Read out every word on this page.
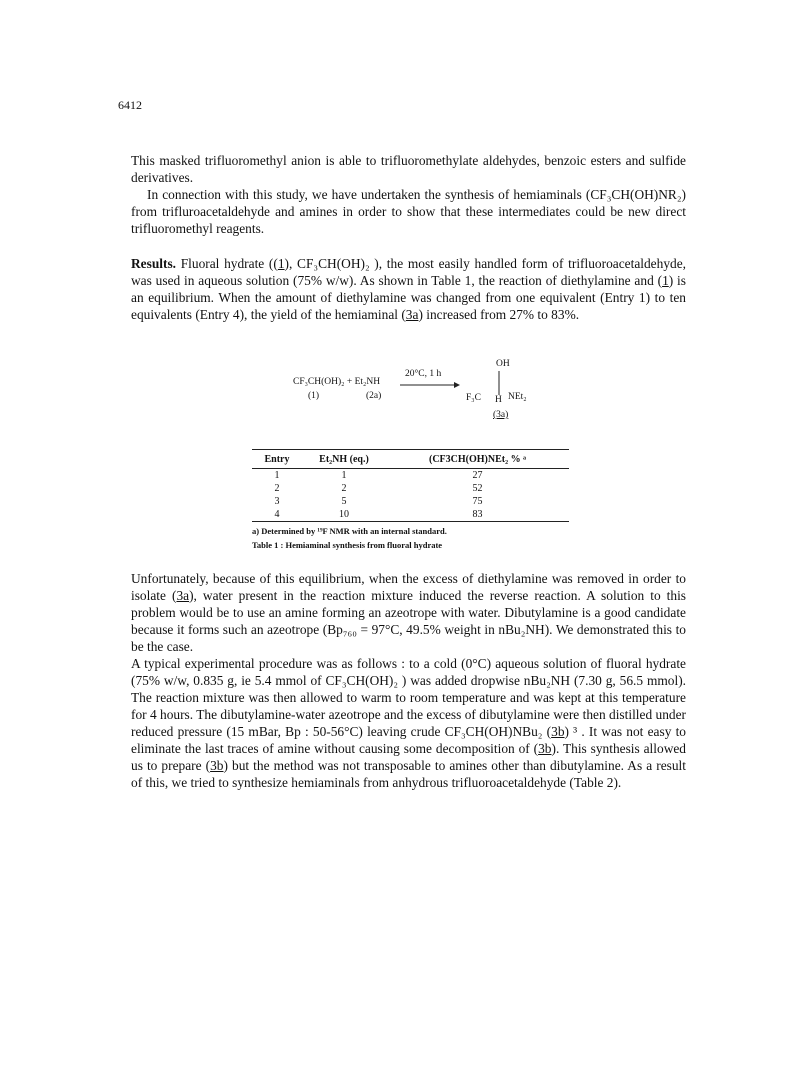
6412

This masked trifluoromethyl anion is able to trifluoromethylate aldehydes, benzoic esters and sulfide derivatives.

In connection with this study, we have undertaken the synthesis of hemiaminals (CF₃CH(OH)NR₂) from trifluroacetaldehyde and amines in order to show that these intermediates could be new direct trifluoromethyl reagents.

Results. Fluoral hydrate ((1), CF₃CH(OH)₂ ), the most easily handled form of trifluoroacetaldehyde, was used in aqueous solution (75% w/w). As shown in Table 1, the reaction of diethylamine and (1) is an equilibrium. When the amount of diethylamine was changed from one equivalent (Entry 1) to ten equivalents (Entry 4), the yield of the hemiaminal (3a) increased from 27% to 83%.

CF₃CH(OH)₂ + Et₂NH
(1)	(2a)
20°C, 1 h
OH
F₃C H NEt₂
(3a)
Entry	Et₂NH (eq.)	(CF3CH(OH)NEt₂ % ᵃ
1	1	27
2	2	52
3	5	75
4	10	83
a) Determined by ¹⁹F NMR with an internal standard.
Table 1 : Hemiaminal synthesis from fluoral hydrate

Unfortunately, because of this equilibrium, when the excess of diethylamine was removed in order to isolate (3a), water present in the reaction mixture induced the reverse reaction. A solution to this problem would be to use an amine forming an azeotrope with water. Dibutylamine is a good candidate because it forms such an azeotrope (Bp₇₆₀ = 97°C, 49.5% weight in nBu₂NH). We demonstrated this to be the case.

A typical experimental procedure was as follows : to a cold (0°C) aqueous solution of fluoral hydrate (75% w/w, 0.835 g, ie 5.4 mmol of CF₃CH(OH)₂ ) was added dropwise nBu₂NH (7.30 g, 56.5 mmol). The reaction mixture was then allowed to warm to room temperature and was kept at this temperature for 4 hours. The dibutylamine-water azeotrope and the excess of dibutylamine were then distilled under reduced pressure (15 mBar, Bp : 50-56°C) leaving crude CF₃CH(OH)NBu₂ (3b) ³ . It was not easy to eliminate the last traces of amine without causing some decomposition of (3b). This synthesis allowed us to prepare (3b) but the method was not transposable to amines other than dibutylamine. As a result of this, we tried to synthesize hemiaminals from anhydrous trifluoroacetaldehyde (Table 2).
